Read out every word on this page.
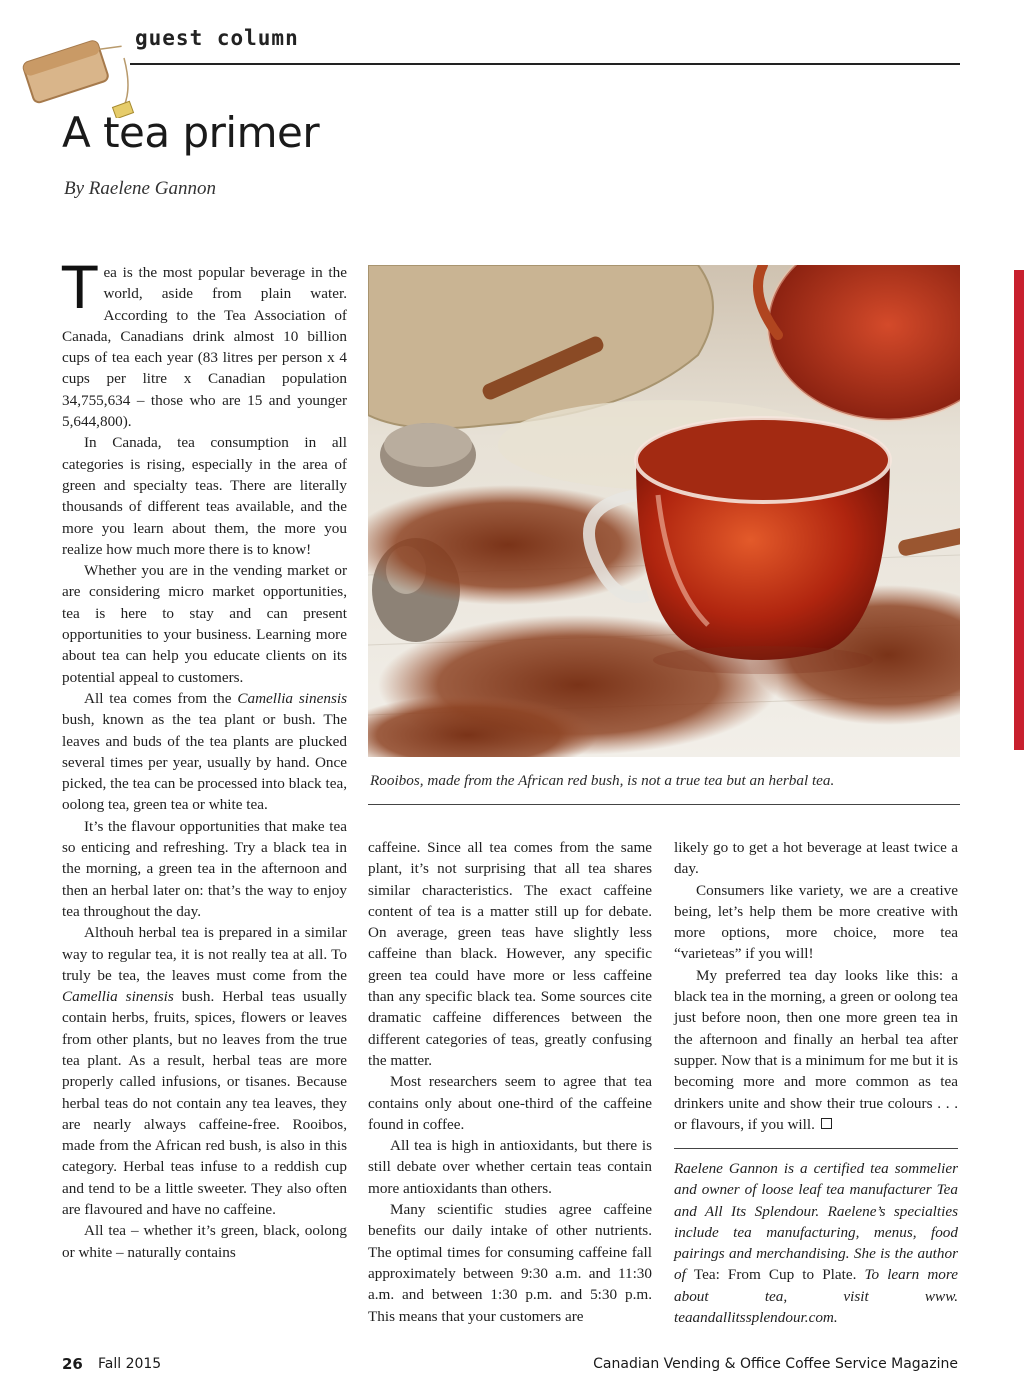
guest column
A tea primer
By Raelene Gannon

Tea is the most popular beverage in the world, aside from plain water. According to the Tea Association of Canada, Canadians drink almost 10 billion cups of tea each year (83 litres per person x 4 cups per litre x Canadian population 34,755,634 – those who are 15 and younger 5,644,800).

In Canada, tea consumption in all categories is rising, especially in the area of green and specialty teas. There are literally thousands of different teas available, and the more you learn about them, the more you realize how much more there is to know!

Whether you are in the vending market or are considering micro market opportunities, tea is here to stay and can present opportunities to your business. Learning more about tea can help you educate clients on its potential appeal to customers.

All tea comes from the Camellia sinensis bush, known as the tea plant or bush. The leaves and buds of the tea plants are plucked several times per year, usually by hand. Once picked, the tea can be processed into black tea, oolong tea, green tea or white tea.

It’s the flavour opportunities that make tea so enticing and refreshing. Try a black tea in the morning, a green tea in the afternoon and then an herbal later on: that’s the way to enjoy tea throughout the day.

Althouh herbal tea is prepared in a similar way to regular tea, it is not really tea at all. To truly be tea, the leaves must come from the Camellia sinensis bush. Herbal teas usually contain herbs, fruits, spices, flowers or leaves from other plants, but no leaves from the true tea plant. As a result, herbal teas are more properly called infusions, or tisanes. Because herbal teas do not contain any tea leaves, they are nearly always caffeine-free. Rooibos, made from the African red bush, is also in this category. Herbal teas infuse to a reddish cup and tend to be a little sweeter. They also often are flavoured and have no caffeine.

All tea – whether it’s green, black, oolong or white – naturally contains

Rooibos, made from the African red bush, is not a true tea but an herbal tea.

caffeine. Since all tea comes from the same plant, it’s not surprising that all tea shares similar characteristics. The exact caffeine content of tea is a matter still up for debate. On average, green teas have slightly less caffeine than black. However, any specific green tea could have more or less caffeine than any specific black tea. Some sources cite dramatic caffeine differences between the different categories of teas, greatly confusing the matter.

Most researchers seem to agree that tea contains only about one-third of the caffeine found in coffee.

All tea is high in antioxidants, but there is still debate over whether certain teas contain more antioxidants than others.

Many scientific studies agree caffeine benefits our daily intake of other nutrients. The optimal times for consuming caffeine fall approximately between 9:30 a.m. and 11:30 a.m. and between 1:30 p.m. and 5:30 p.m. This means that your customers are

likely go to get a hot beverage at least twice a day.

Consumers like variety, we are a creative being, let’s help them be more creative with more options, more choice, more tea “varieteas” if you will!

My preferred tea day looks like this: a black tea in the morning, a green or oolong tea just before noon, then one more green tea in the afternoon and finally an herbal tea after supper. Now that is a minimum for me but it is becoming more and more common as tea drinkers unite and show their true colours . . . or flavours, if you will.

Raelene Gannon is a certified tea sommelier and owner of loose leaf tea manufacturer Tea and All Its Splendour. Raelene’s specialties include tea manufacturing, menus, food pairings and merchandising. She is the author of Tea: From Cup to Plate. To learn more about tea, visit www. teaandallitssplendour.com.

26 Fall 2015	Canadian Vending & Office Coffee Service Magazine
